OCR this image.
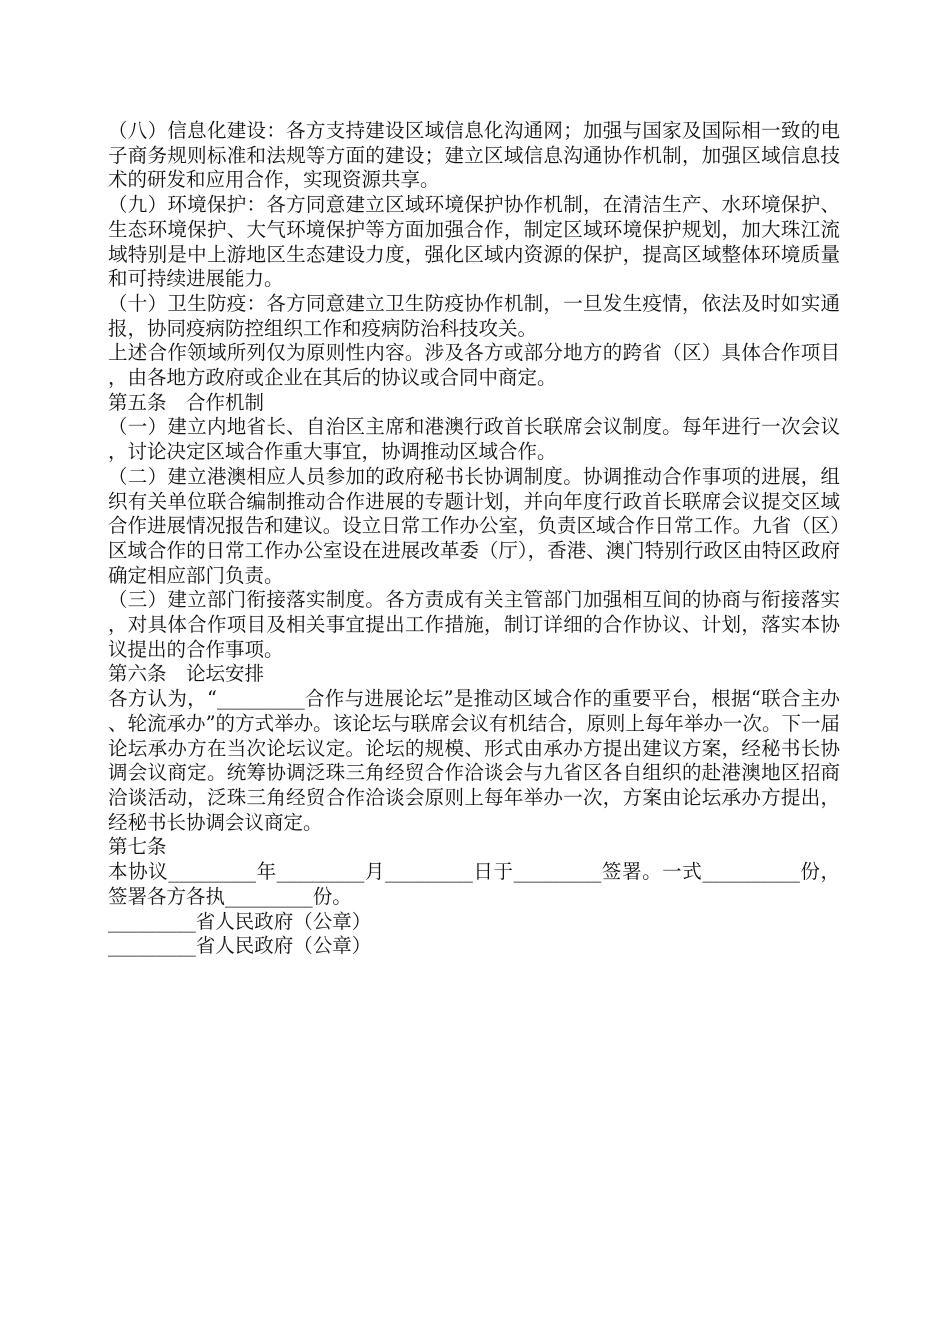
（八）信息化建设：各方支持建设区域信息化沟通网；加强与国家及国际相一致的电子商务规则标准和法规等方面的建设；建立区域信息沟通协作机制，加强区域信息技术的研发和应用合作，实现资源共享。

（九）环境保护：各方同意建立区域环境保护协作机制，在清洁生产、水环境保护、生态环境保护、大气环境保护等方面加强合作，制定区域环境保护规划，加大珠江流域特别是中上游地区生态建设力度，强化区域内资源的保护，提高区域整体环境质量和可持续进展能力。

（十）卫生防疫：各方同意建立卫生防疫协作机制，一旦发生疫情，依法及时如实通报，协同疫病防控组织工作和疫病防治科技攻关。

上述合作领域所列仅为原则性内容。涉及各方或部分地方的跨省（区）具体合作项目，由各地方政府或企业在其后的协议或合同中商定。

第五条　合作机制

（一）建立内地省长、自治区主席和港澳行政首长联席会议制度。每年进行一次会议，讨论决定区域合作重大事宜，协调推动区域合作。

（二）建立港澳相应人员参加的政府秘书长协调制度。协调推动合作事项的进展，组织有关单位联合编制推动合作进展的专题计划，并向年度行政首长联席会议提交区域合作进展情况报告和建议。设立日常工作办公室，负责区域合作日常工作。九省（区）区域合作的日常工作办公室设在进展改革委（厅），香港、澳门特别行政区由特区政府确定相应部门负责。

（三）建立部门衔接落实制度。各方责成有关主管部门加强相互间的协商与衔接落实，对具体合作项目及相关事宜提出工作措施，制订详细的合作协议、计划，落实本协议提出的合作事项。

第六条　论坛安排

各方认为，“_________合作与进展论坛”是推动区域合作的重要平台，根据“联合主办、轮流承办”的方式举办。该论坛与联席会议有机结合，原则上每年举办一次。下一届论坛承办方在当次论坛议定。论坛的规模、形式由承办方提出建议方案，经秘书长协调会议商定。统筹协调泛珠三角经贸合作洽谈会与九省区各自组织的赴港澳地区招商洽谈活动，泛珠三角经贸合作洽谈会原则上每年举办一次，方案由论坛承办方提出，经秘书长协调会议商定。

第七条

本协议_________年_________月_________日于_________签署。一式__________份，签署各方各执_________份。

_________省人民政府（公章）

_________省人民政府（公章）
